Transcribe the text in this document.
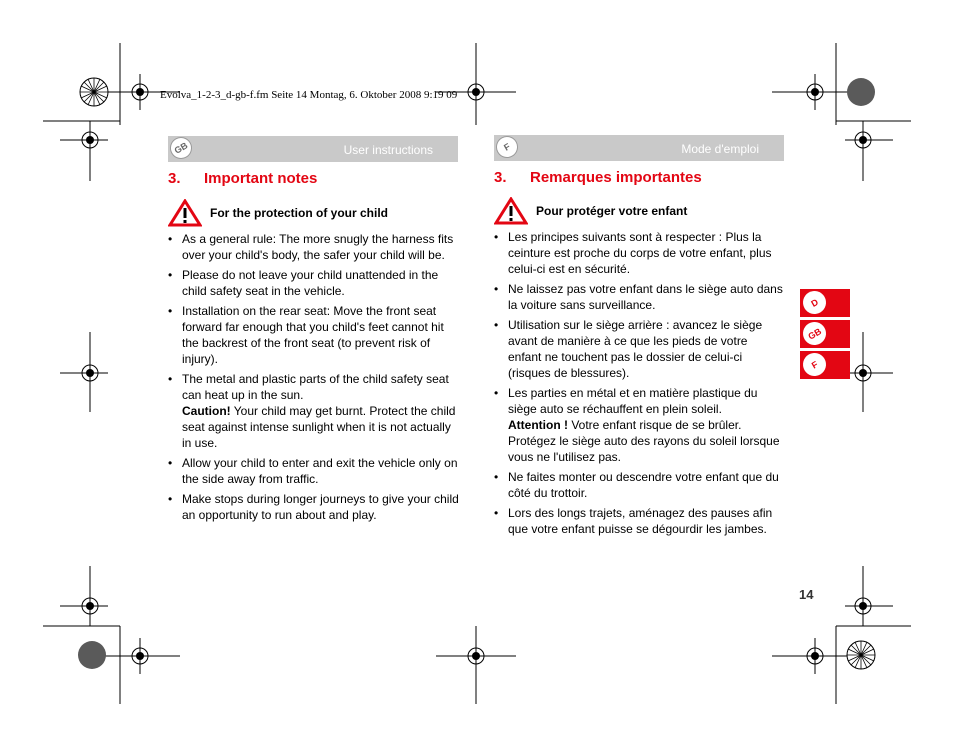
Evolva_1-2-3_d-gb-f.fm Seite 14 Montag, 6. Oktober 2008 9:19 09
GB	User instructions
3. Important notes
For the protection of your child
• As a general rule: The more snugly the harness fits over your child's body, the safer your child will be.
• Please do not leave your child unattended in the child safety seat in the vehicle.
• Installation on the rear seat: Move the front seat forward far enough that you child's feet cannot hit the backrest of the front seat (to prevent risk of injury).
• The metal and plastic parts of the child safety seat can heat up in the sun.
Caution! Your child may get burnt. Protect the child seat against intense sunlight when it is not actually in use.
• Allow your child to enter and exit the vehicle only on the side away from traffic.
• Make stops during longer journeys to give your child an opportunity to run about and play.
F	Mode d'emploi
3. Remarques importantes
Pour protéger votre enfant
• Les principes suivants sont à respecter : Plus la ceinture est proche du corps de votre enfant, plus celui-ci est en sécurité.
• Ne laissez pas votre enfant dans le siège auto dans la voiture sans surveillance.
• Utilisation sur le siège arrière : avancez le siège avant de manière à ce que les pieds de votre enfant ne touchent pas le dossier de celui-ci (risques de blessures).
• Les parties en métal et en matière plastique du siège auto se réchauffent en plein soleil.
Attention ! Votre enfant risque de se brûler. Protégez le siège auto des rayons du soleil lorsque vous ne l'utilisez pas.
• Ne faites monter ou descendre votre enfant que du côté du trottoir.
• Lors des longs trajets, aménagez des pauses afin que votre enfant puisse se dégourdir les jambes.
D
GB
F
14
